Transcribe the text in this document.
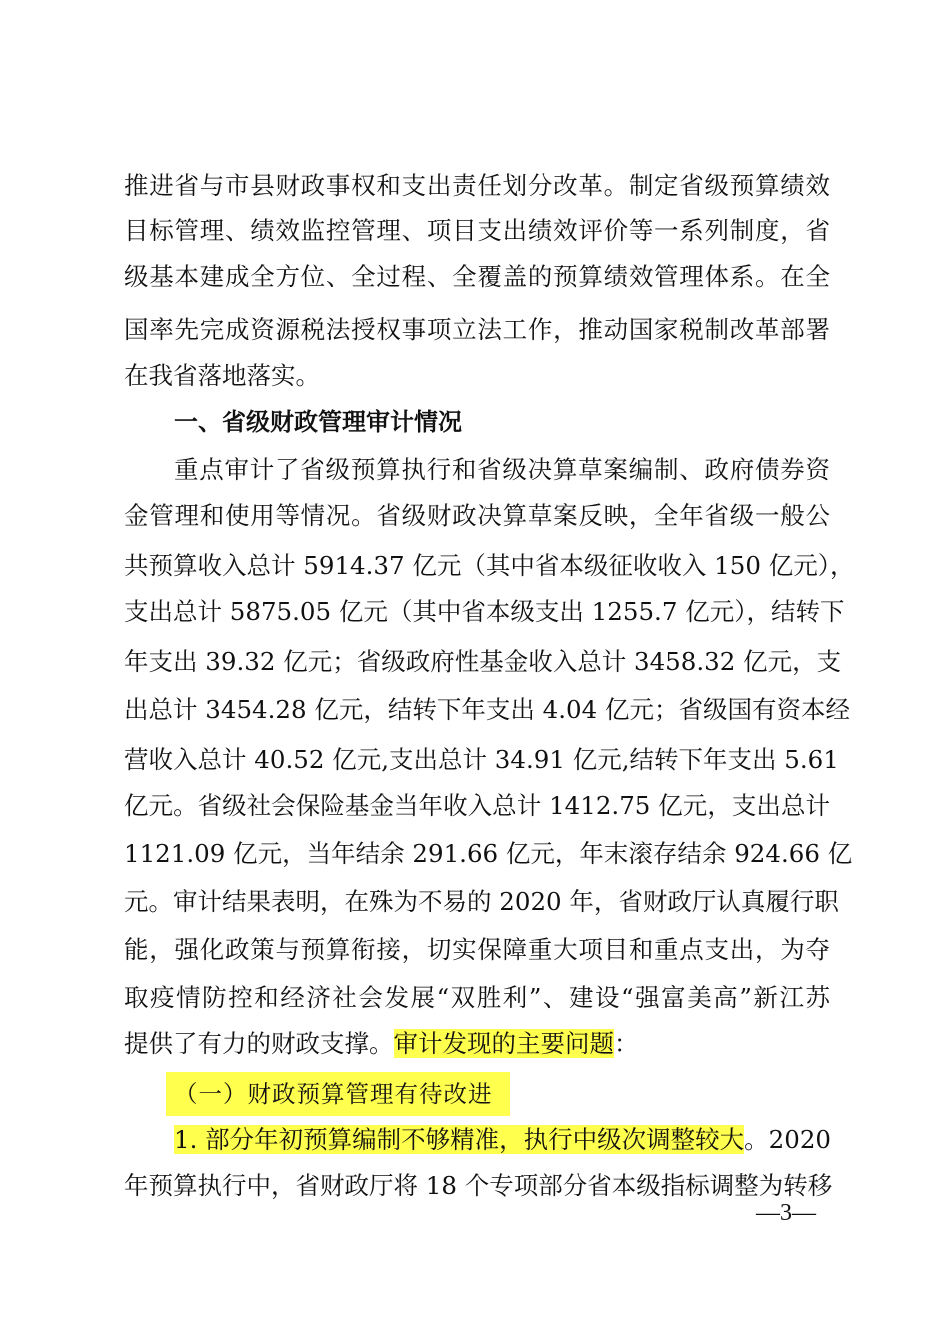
推进省与市县财政事权和支出责任划分改革。制定省级预算绩效
目标管理、绩效监控管理、项目支出绩效评价等一系列制度，省
级基本建成全方位、全过程、全覆盖的预算绩效管理体系。在全
国率先完成资源税法授权事项立法工作，推动国家税制改革部署
在我省落地落实。
一、省级财政管理审计情况
重点审计了省级预算执行和省级决算草案编制、政府债券资
金管理和使用等情况。省级财政决算草案反映，全年省级一般公
共预算收入总计 5914.37 亿元（其中省本级征收收入 150 亿元），
支出总计 5875.05 亿元（其中省本级支出 1255.7 亿元），结转下
年支出 39.32 亿元；省级政府性基金收入总计 3458.32 亿元，支
出总计 3454.28 亿元，结转下年支出 4.04 亿元；省级国有资本经
营收入总计 40.52 亿元,支出总计 34.91 亿元,结转下年支出 5.61
亿元。省级社会保险基金当年收入总计 1412.75 亿元，支出总计
1121.09 亿元，当年结余 291.66 亿元，年末滚存结余 924.66 亿
元。审计结果表明，在殊为不易的 2020 年，省财政厅认真履行职
能，强化政策与预算衔接，切实保障重大项目和重点支出，为夺
取疫情防控和经济社会发展“双胜利”、建设“强富美高”新江苏
提供了有力的财政支撑。审计发现的主要问题：
（一）财政预算管理有待改进
1. 部分年初预算编制不够精准，执行中级次调整较大。2020
年预算执行中，省财政厅将 18 个专项部分省本级指标调整为转移
—3—
